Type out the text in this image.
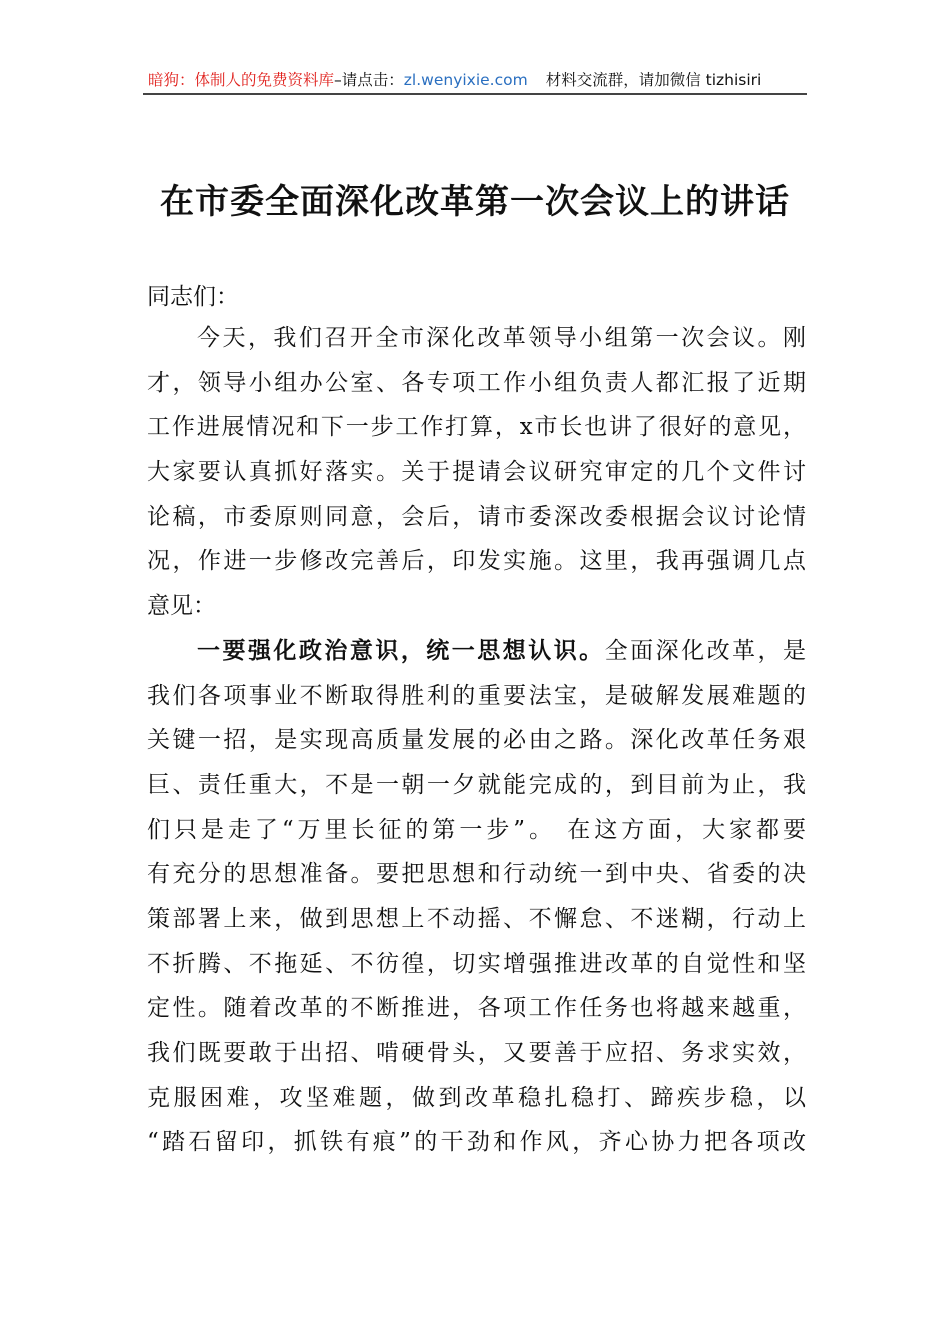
暗狗：体制人的免费资料库–请点击：zl.wenyixie.com 材料交流群，请加微信 tizhisiri
在市委全面深化改革第一次会议上的讲话
同志们：
今天，我们召开全市深化改革领导小组第一次会议。刚
才，领导小组办公室、各专项工作小组负责人都汇报了近期
工作进展情况和下一步工作打算，x市长也讲了很好的意见，
大家要认真抓好落实。关于提请会议研究审定的几个文件讨
论稿，市委原则同意，会后，请市委深改委根据会议讨论情
况，作进一步修改完善后，印发实施。这里，我再强调几点
意见：
一要强化政治意识，统一思想认识。全面深化改革，是
我们各项事业不断取得胜利的重要法宝，是破解发展难题的
关键一招，是实现高质量发展的必由之路。深化改革任务艰
巨、责任重大，不是一朝一夕就能完成的，到目前为止，我
们只是走了“万里长征的第一步”。 在这方面，大家都要
有充分的思想准备。要把思想和行动统一到中央、省委的决
策部署上来，做到思想上不动摇、不懈怠、不迷糊，行动上
不折腾、不拖延、不彷徨，切实增强推进改革的自觉性和坚
定性。随着改革的不断推进，各项工作任务也将越来越重，
我们既要敢于出招、啃硬骨头，又要善于应招、务求实效，
克服困难，攻坚难题，做到改革稳扎稳打、蹄疾步稳，以
“踏石留印，抓铁有痕”的干劲和作风，齐心协力把各项改
